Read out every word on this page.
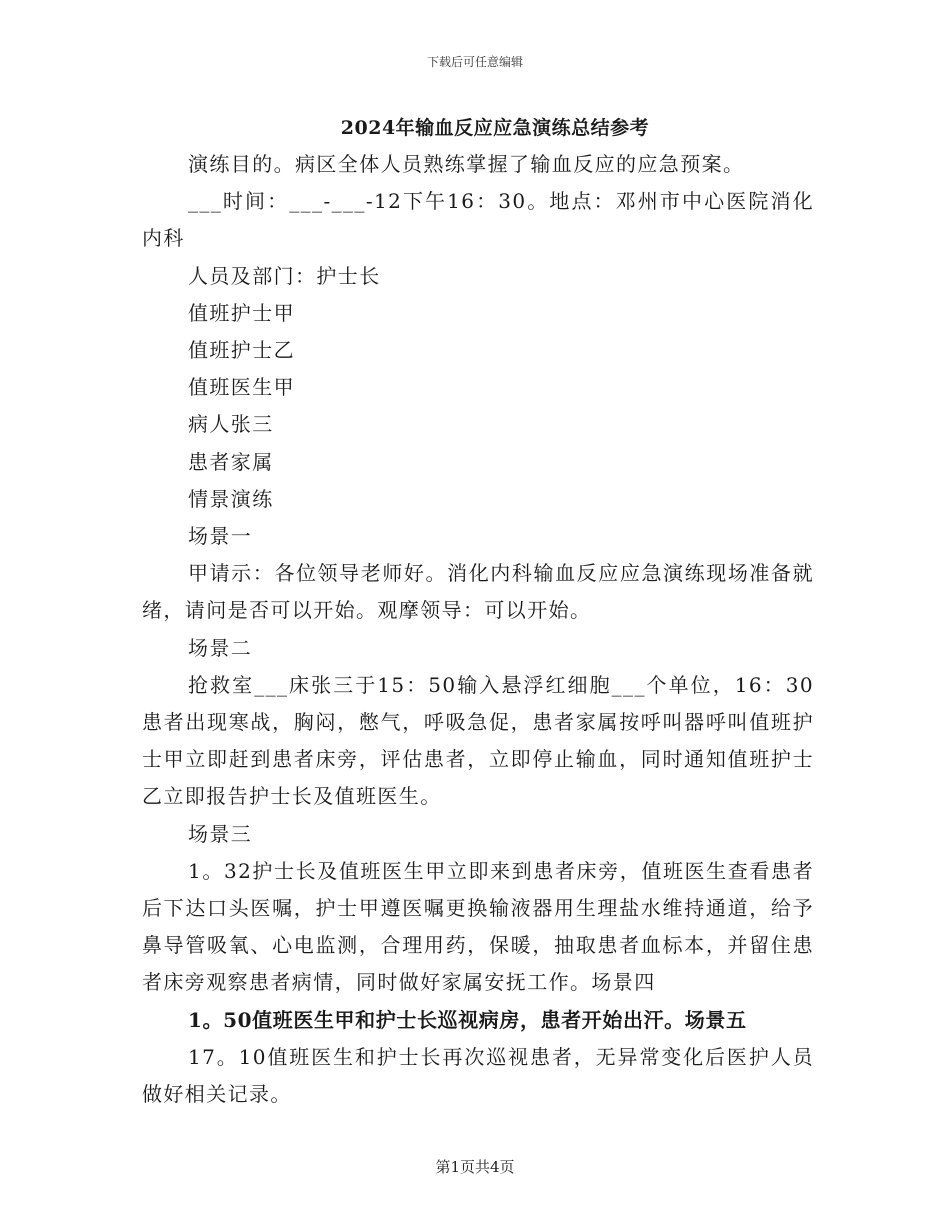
下载后可任意编辑
2024年输血反应应急演练总结参考

演练目的。病区全体人员熟练掌握了输血反应的应急预案。

___时间：___-___-12下午16：30。地点：邓州市中心医院消化内科

人员及部门：护士长

值班护士甲

值班护士乙

值班医生甲

病人张三

患者家属

情景演练

场景一

甲请示：各位领导老师好。消化内科输血反应应急演练现场准备就绪，请问是否可以开始。观摩领导：可以开始。

场景二

抢救室___床张三于15：50输入悬浮红细胞___个单位，16：30患者出现寒战，胸闷，憋气，呼吸急促，患者家属按呼叫器呼叫值班护士甲立即赶到患者床旁，评估患者，立即停止输血，同时通知值班护士乙立即报告护士长及值班医生。

场景三

1。32护士长及值班医生甲立即来到患者床旁，值班医生查看患者后下达口头医嘱，护士甲遵医嘱更换输液器用生理盐水维持通道，给予鼻导管吸氧、心电监测，合理用药，保暖，抽取患者血标本，并留住患者床旁观察患者病情，同时做好家属安抚工作。场景四

1。50值班医生甲和护士长巡视病房，患者开始出汗。场景五

17。10值班医生和护士长再次巡视患者，无异常变化后医护人员做好相关记录。

第1页共4页
